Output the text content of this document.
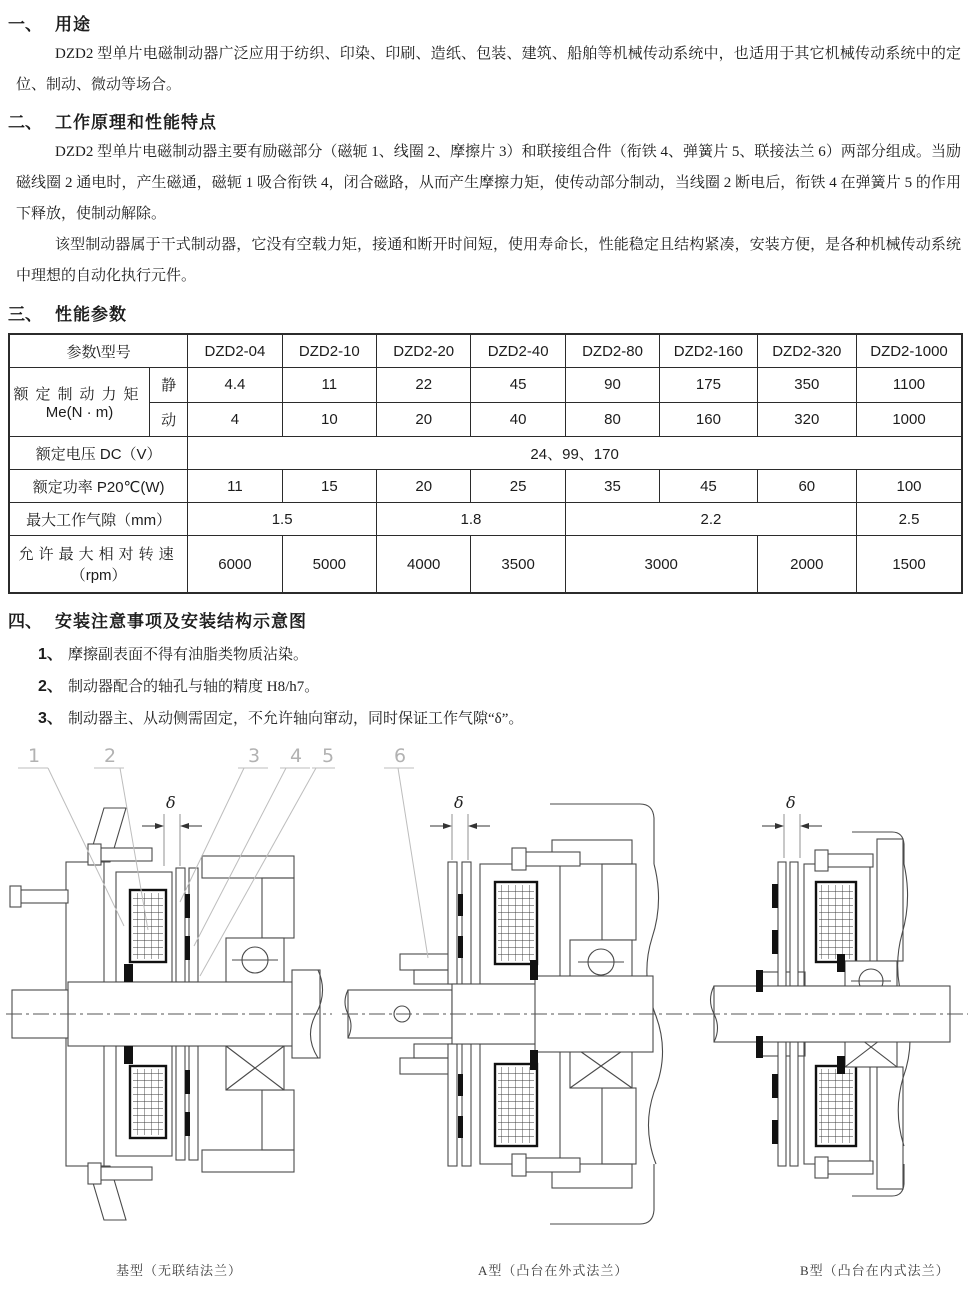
一、 用途

DZD2 型单片电磁制动器广泛应用于纺织、印染、印刷、造纸、包装、建筑、船舶等机械传动系统中，也适用于其它机械传动系统中的定位、制动、微动等场合。

二、 工作原理和性能特点

DZD2 型单片电磁制动器主要有励磁部分（磁轭 1、线圈 2、摩擦片 3）和联接组合件（衔铁 4、弹簧片 5、联接法兰 6）两部分组成。当励磁线圈 2 通电时，产生磁通，磁轭 1 吸合衔铁 4，闭合磁路，从而产生摩擦力矩，使传动部分制动，当线圈 2 断电后，衔铁 4 在弹簧片 5 的作用下释放，使制动解除。

该型制动器属于干式制动器，它没有空载力矩，接通和断开时间短，使用寿命长，性能稳定且结构紧凑，安装方便，是各种机械传动系统中理想的自动化执行元件。

三、 性能参数
参数\型号		DZD2-04	DZD2-10	DZD2-20	DZD2-40	DZD2-80	DZD2-160	DZD2-320	DZD2-1000

额定制动力矩
Me(N · m)	静	4.4	11	22	45	90	175	350	1100
	动	4	10	20	40	80	160	320	1000
额定电压 DC（V）		24、99、170							
额定功率 P20℃(W)		11	15	20	25	35	45	60	100
最大工作气隙（mm）		1.5		1.8		2.2			2.5

允许最大相对转速
（rpm）		6000	5000	4000	3500	3000		2000	1500
四、 安装注意事项及安装结构示意图
1、 摩擦副表面不得有油脂类物质沾染。
2、 制动器配合的轴孔与轴的精度 H8/h7。
3、 制动器主、从动侧需固定，不允许轴向窜动，同时保证工作气隙“δ”。
δ
1	2	3 4 5
δ
6
δ
基型（无联结法兰）	A型（凸台在外式法兰）	B型（凸台在内式法兰）
